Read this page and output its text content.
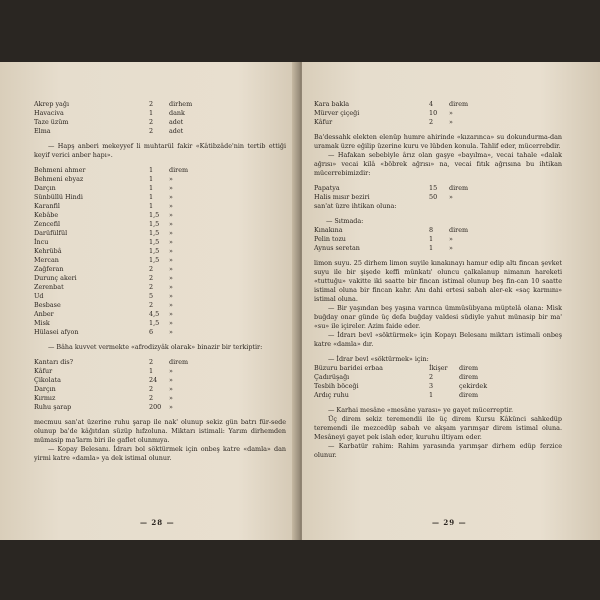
Akrep yağı	2	dirhem
Havaciva	1	dank
Taze üzüm	2	adet
Elma	2	adet

— Hapş anberi mekeyyef li muhtarül fakir «Kâtibzâde'nin tertib ettiği keyif verici anber hapı».

Behmeni ahmer	1	direm
Behmeni ebyaz	1	»
Darçın	1	»
Sünbüllü Hindi	1	»
Karanfil	1	»
Kebâbe	1,5	»
Zencefil	1,5	»
Darüfülfül	1,5	»
İncu	1,5	»
Kehrübâ	1,5	»
Mercan	1,5	»
Zağferan	2	»
Durunç akeri	2	»
Zerenbat	2	»
Ud	5	»
Besbase	2	»
Anber	4,5	»
Misk	1,5	»
Hülasei afyon	6	»

— Bâha kuvvet vermekte «afrodizyâk olarak» binazir bir terkiptir:

Kantarı dis?	2	direm
Kâfur	1	»
Çikolata	24	»
Darçın	2	»
Kırmız	2	»
Ruhu şarap	200	»

mecmuu san'at üzerine ruhu şarap ile nak' olunup sekiz gün batrı für-sede olunup ba'de kâğıtdan süzüp hıfzoluna. Miktarı istimali: Yarım dirhemden mümasip ma'larm biri ile gaflet olunmıya.

— Kopay Belesanı. İdrarı bol söktürmek için onbeş katre «damla» dan yirmi katre «damla» ya dek istimal olunur.

— 28 —
Kara bakla	4	direm
Mürver çiçeği	10	»
Kâfur	2	»

Ba'dessahk elekten elenüp humre ahirinde «kızarınca» su dokundurma-dan uramak üzre eğilip üzerine kuru ve lübden konula. Tahlif eder, mücerrebdir.

— Hafakan sebebiyle ârız olan gaşye «bayılma», vecai tahale «dalak ağrısı» vecai kilâ «böbrek ağrısı» na, vecai fıtık ağrısına bu ihtikan mücerrebimizdir:

Papatya	15	direm
Halis mısır beziri	50	»

san'at üzre ihtikan oluna:

— Sıtmada:
Kınakına	8	direm
Pelin tozu	1	»
Aynus seretan	1	»

limon suyu. 25 dirhem limon suyile kınakınayı hamur edip altı fincan şevket suyu ile bir şişede keffi münkatı' oluncu çalkalanup nimanın hareketi «tuttuğu» vakitte iki saatte bir fincan istimal olunup beş fin-can 10 saatte istimal oluna bir fincan kahr. Anı dahi ertesi sabah aler-ek «saç karmını» istimal oluna.

— Bir yaşından beş yaşına varınca ümmüsübyana müptelâ olana: Misk buğday onar günde üç defa buğday valdesi südiyle yahut münasip bir ma' «su» ile içireler. Azim faide eder.

— İdrarı bevl «söktürmek» için Kopayı Belesanı miktarı istimali onbeş katre «damla» dır.

— İdrar bevl «söktürmek» için:

Büzuru baridei erbaa	İkişer	direm
Çadırüşağı	2	direm
Tesbih böceği	3	çekirdek
Ardıç ruhu	1	direm

— Karhai mesâne «mesâne yarası» ye gayet mücerreptir.

Üç direm sekiz teremendii ile üç direm Kursu Kâkünci sahkedüp teremendi ile mezcedüp sabah ve akşam yarımşar direm istimal oluna. Mesâneyi gayet pek islah eder, kuruhu iltiyam eder.

— Karbatür rahim: Rahim yarasında yarımşar dirhem edüp ferzice olunur.

— 29 —
